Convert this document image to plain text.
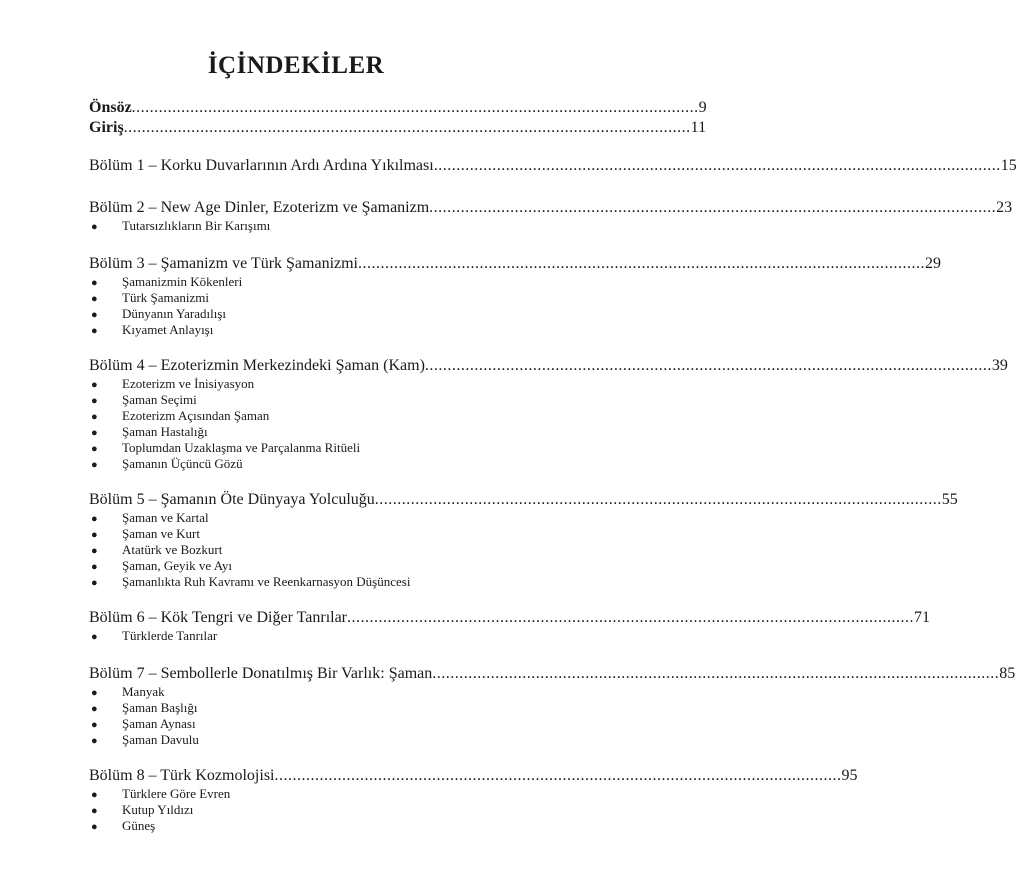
İÇİNDEKİLER
Önsöz .............................................................................................................................. 9
Giriş .............................................................................................................................. 11
Bölüm 1 – Korku Duvarlarının Ardı Ardına Yıkılması .............................................................................................................................. 15
Bölüm 2 – New Age Dinler, Ezoterizm ve Şamanizm .............................................................................................................................. 23
● Tutarsızlıkların Bir Karışımı
Bölüm 3 – Şamanizm ve Türk Şamanizmi .............................................................................................................................. 29
● Şamanizmin Kökenleri
● Türk Şamanizmi
● Dünyanın Yaradılışı
● Kıyamet Anlayışı
Bölüm 4 – Ezoterizmin Merkezindeki Şaman (Kam) .............................................................................................................................. 39
● Ezoterizm ve İnisiyasyon
● Şaman Seçimi
● Ezoterizm Açısından Şaman
● Şaman Hastalığı
● Toplumdan Uzaklaşma ve Parçalanma Ritüeli
● Şamanın Üçüncü Gözü
Bölüm 5 – Şamanın Öte Dünyaya Yolculuğu .............................................................................................................................. 55
● Şaman ve Kartal
● Şaman ve Kurt
● Atatürk ve Bozkurt
● Şaman, Geyik ve Ayı
● Şamanlıkta Ruh Kavramı ve Reenkarnasyon Düşüncesi
Bölüm 6 – Kök Tengri ve Diğer Tanrılar .............................................................................................................................. 71
● Türklerde Tanrılar
Bölüm 7 – Sembollerle Donatılmış Bir Varlık: Şaman .............................................................................................................................. 85
● Manyak
● Şaman Başlığı
● Şaman Aynası
● Şaman Davulu
Bölüm 8 – Türk Kozmolojisi .............................................................................................................................. 95
● Türklere Göre Evren
● Kutup Yıldızı
● Güneş
